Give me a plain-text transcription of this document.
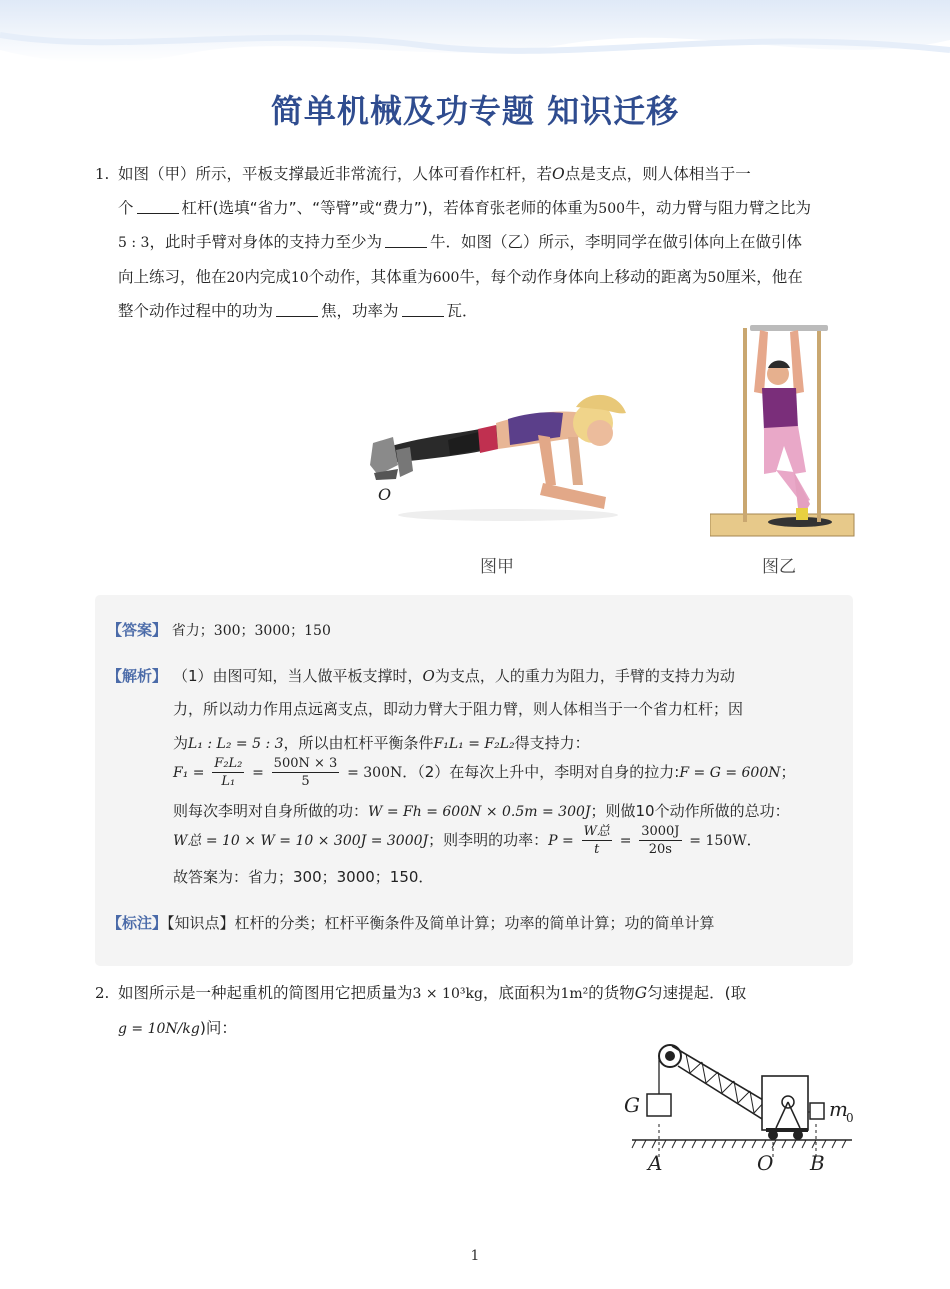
简单机械及功专题 知识迁移
1. 如图（甲）所示，平板支撑最近非常流行，人体可看作杠杆，若O点是支点，则人体相当于一
个	杠杆(选填“省力”、“等臂”或“费力”)，若体育张老师的体重为500牛，动力臂与阻力臂之比为
5 : 3，此时手臂对身体的支持力至少为	牛．如图（乙）所示，李明同学在做引体向上在做引体
向上练习，他在20内完成10个动作，其体重为600牛，每个动作身体向上移动的距离为50厘米，他在
整个动作过程中的功为	焦，功率为	瓦．
O
图甲	图乙
【答案】 省力；300；3000；150
【解析】 （1）由图可知，当人做平板支撑时，O为支点，人的重力为阻力，手臂的支持力为动
力，所以动力作用点远离支点，即动力臂大于阻力臂，则人体相当于一个省力杠杆；因
为L₁ : L₂ = 5 : 3，所以由杠杆平衡条件F₁L₁ = F₂L₂得支持力：
$F_1 = \frac{\text{F₂L₂}}{\text{L₁}} = \frac{500N \times 3}{5} = 300N$．（2）在每次上升中，李明对自身的拉力:F = G = 600N；
则每次李明对自身所做的功：W = Fh = 600N × 0.5m = 300J；则做10个动作所做的总功：
W总 = 10 × W = 10 × 300J = 3000J；则李明的功率：$P = \frac{\text{W总}}{t} = \frac{3000J}{20s} = 150W$．
故答案为：省力；300；3000；150．
【标注】【知识点】杠杆的分类；杠杆平衡条件及简单计算；功率的简单计算；功的简单计算
2. 如图所示是一种起重机的简图用它把质量为3 × 10³kg，底面积为1m²的货物G匀速提起．(取
g = 10N/kg)问：
G	m
0
A	O B
1
